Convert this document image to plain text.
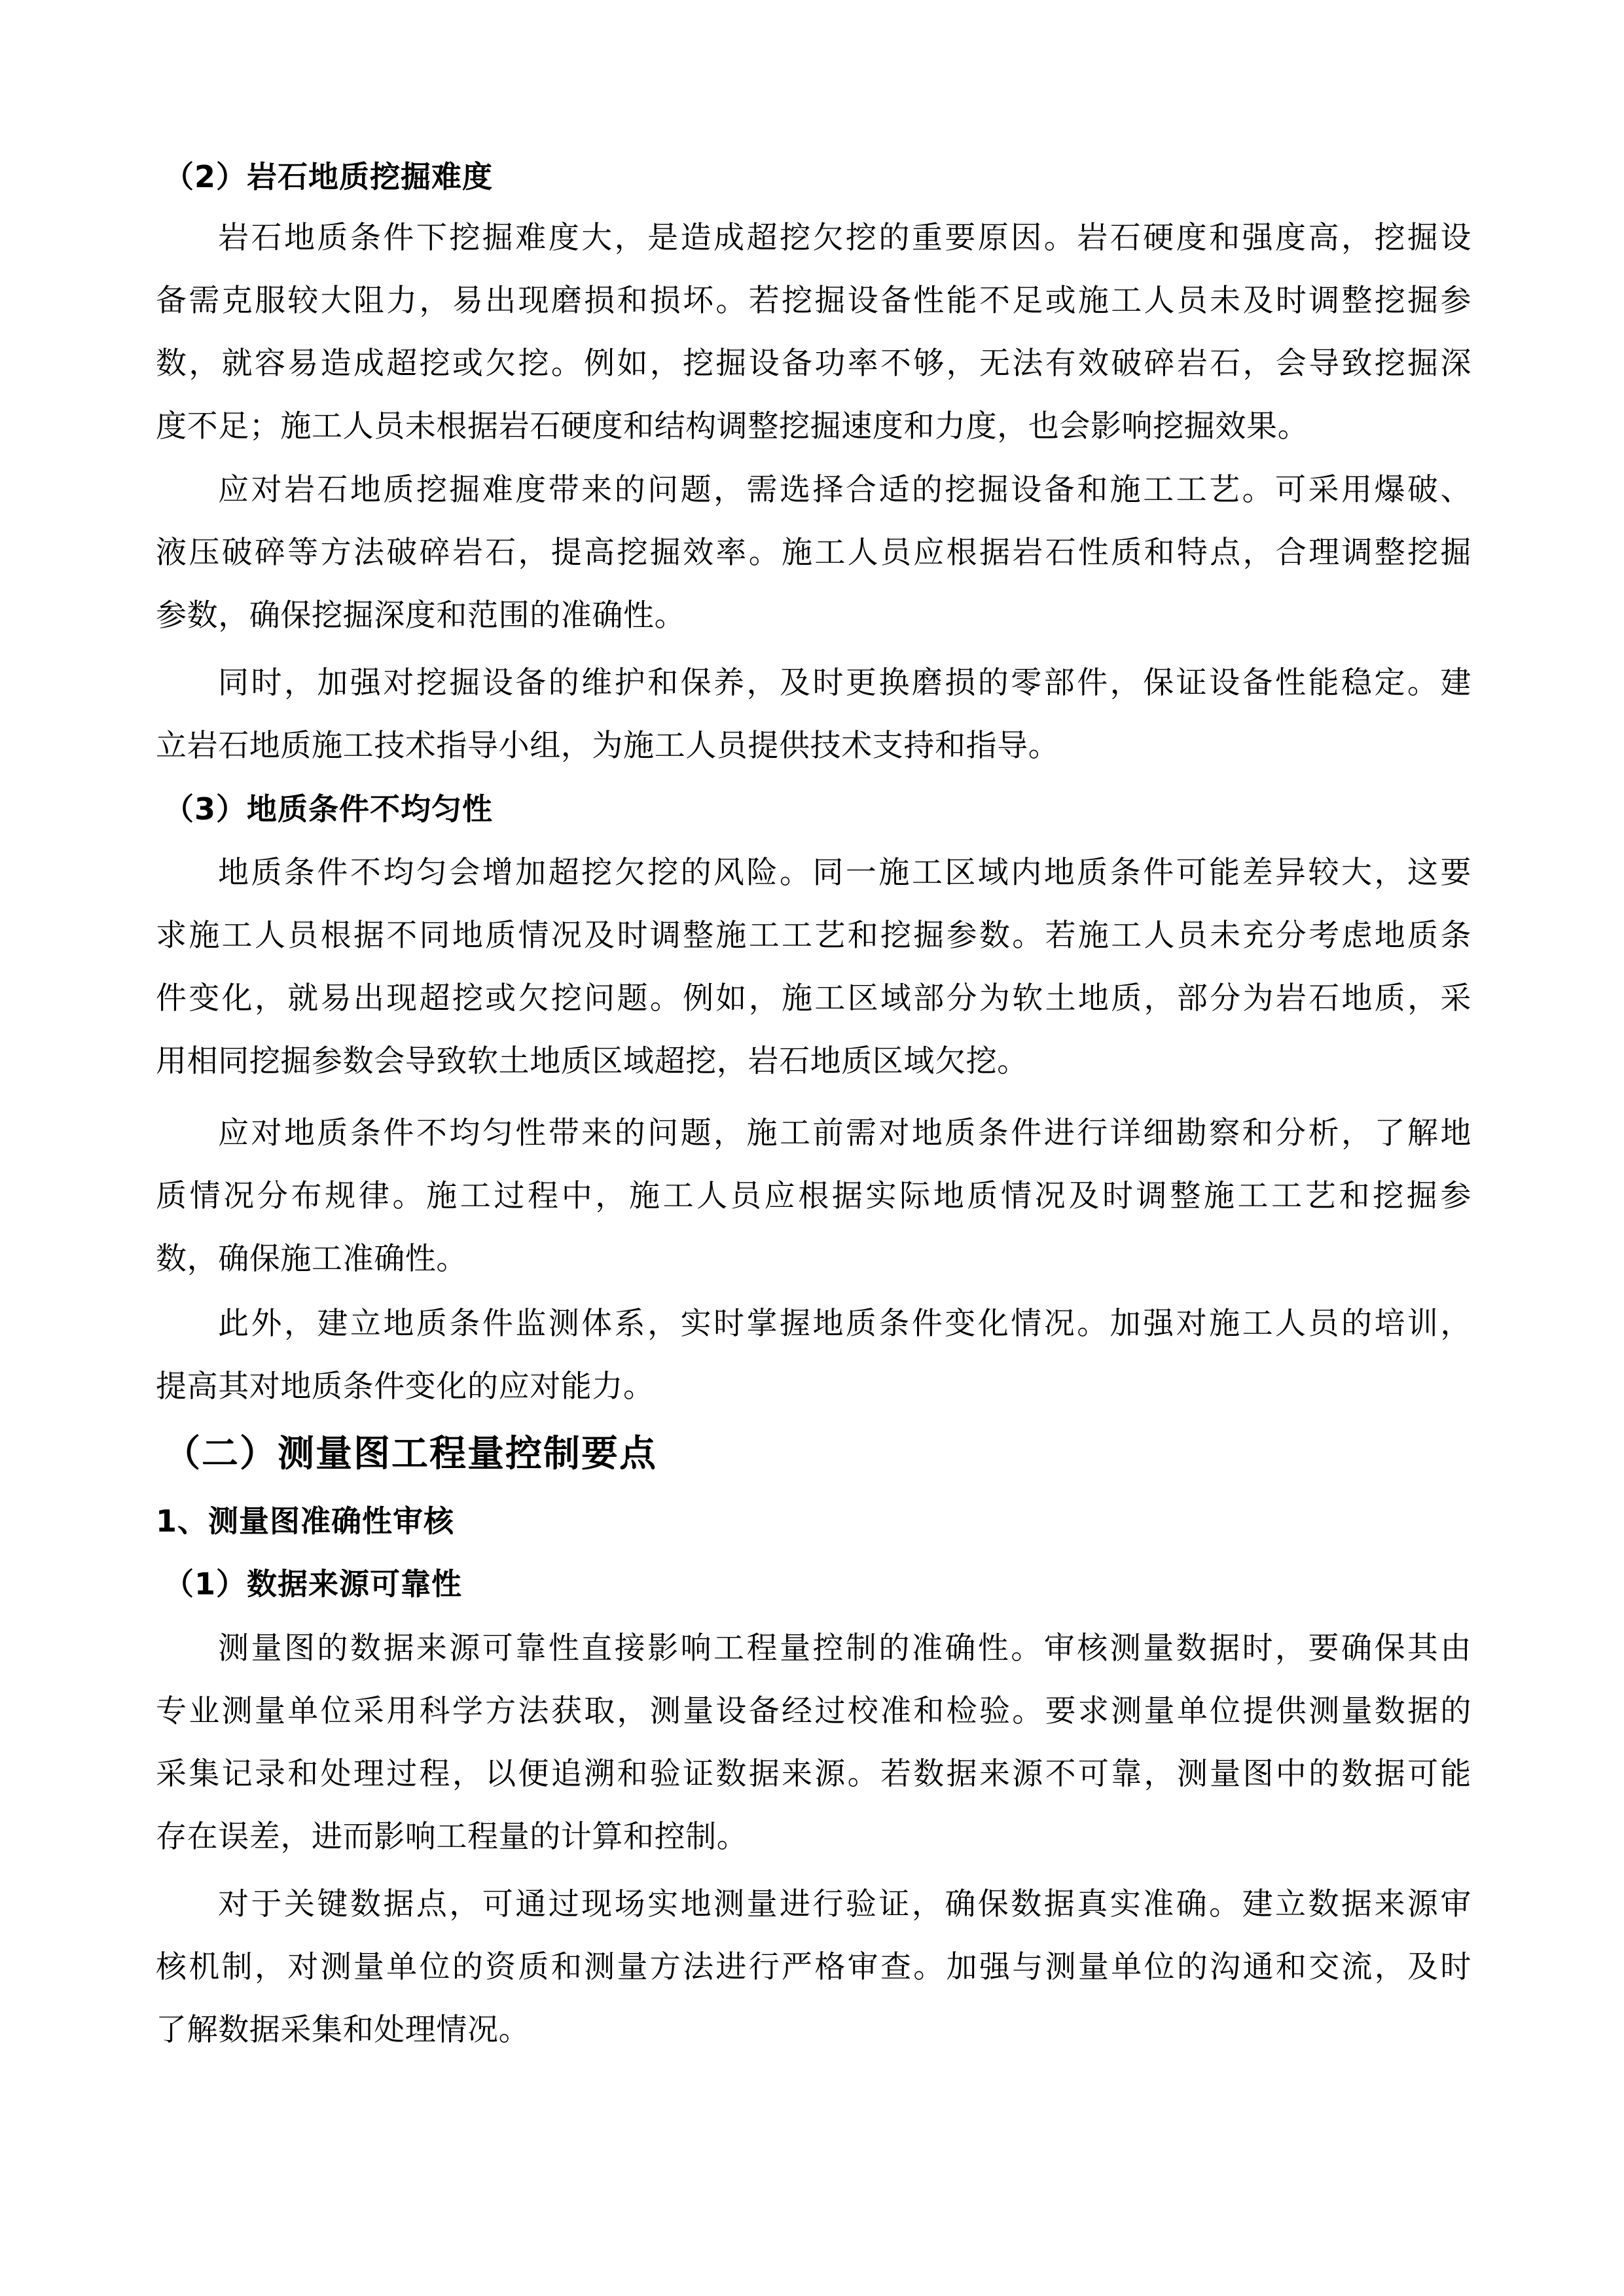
（2）岩石地质挖掘难度
岩石地质条件下挖掘难度大，是造成超挖欠挖的重要原因。岩石硬度和强度高，挖掘设
备需克服较大阻力，易出现磨损和损坏。若挖掘设备性能不足或施工人员未及时调整挖掘参
数，就容易造成超挖或欠挖。例如，挖掘设备功率不够，无法有效破碎岩石，会导致挖掘深
度不足；施工人员未根据岩石硬度和结构调整挖掘速度和力度，也会影响挖掘效果。
应对岩石地质挖掘难度带来的问题，需选择合适的挖掘设备和施工工艺。可采用爆破、
液压破碎等方法破碎岩石，提高挖掘效率。施工人员应根据岩石性质和特点，合理调整挖掘
参数，确保挖掘深度和范围的准确性。
同时，加强对挖掘设备的维护和保养，及时更换磨损的零部件，保证设备性能稳定。建
立岩石地质施工技术指导小组，为施工人员提供技术支持和指导。
（3）地质条件不均匀性
地质条件不均匀会增加超挖欠挖的风险。同一施工区域内地质条件可能差异较大，这要
求施工人员根据不同地质情况及时调整施工工艺和挖掘参数。若施工人员未充分考虑地质条
件变化，就易出现超挖或欠挖问题。例如，施工区域部分为软土地质，部分为岩石地质，采
用相同挖掘参数会导致软土地质区域超挖，岩石地质区域欠挖。
应对地质条件不均匀性带来的问题，施工前需对地质条件进行详细勘察和分析，了解地
质情况分布规律。施工过程中，施工人员应根据实际地质情况及时调整施工工艺和挖掘参
数，确保施工准确性。
此外，建立地质条件监测体系，实时掌握地质条件变化情况。加强对施工人员的培训，
提高其对地质条件变化的应对能力。
（二）测量图工程量控制要点
1、测量图准确性审核
（1）数据来源可靠性
测量图的数据来源可靠性直接影响工程量控制的准确性。审核测量数据时，要确保其由
专业测量单位采用科学方法获取，测量设备经过校准和检验。要求测量单位提供测量数据的
采集记录和处理过程，以便追溯和验证数据来源。若数据来源不可靠，测量图中的数据可能
存在误差，进而影响工程量的计算和控制。
对于关键数据点，可通过现场实地测量进行验证，确保数据真实准确。建立数据来源审
核机制，对测量单位的资质和测量方法进行严格审查。加强与测量单位的沟通和交流，及时
了解数据采集和处理情况。
